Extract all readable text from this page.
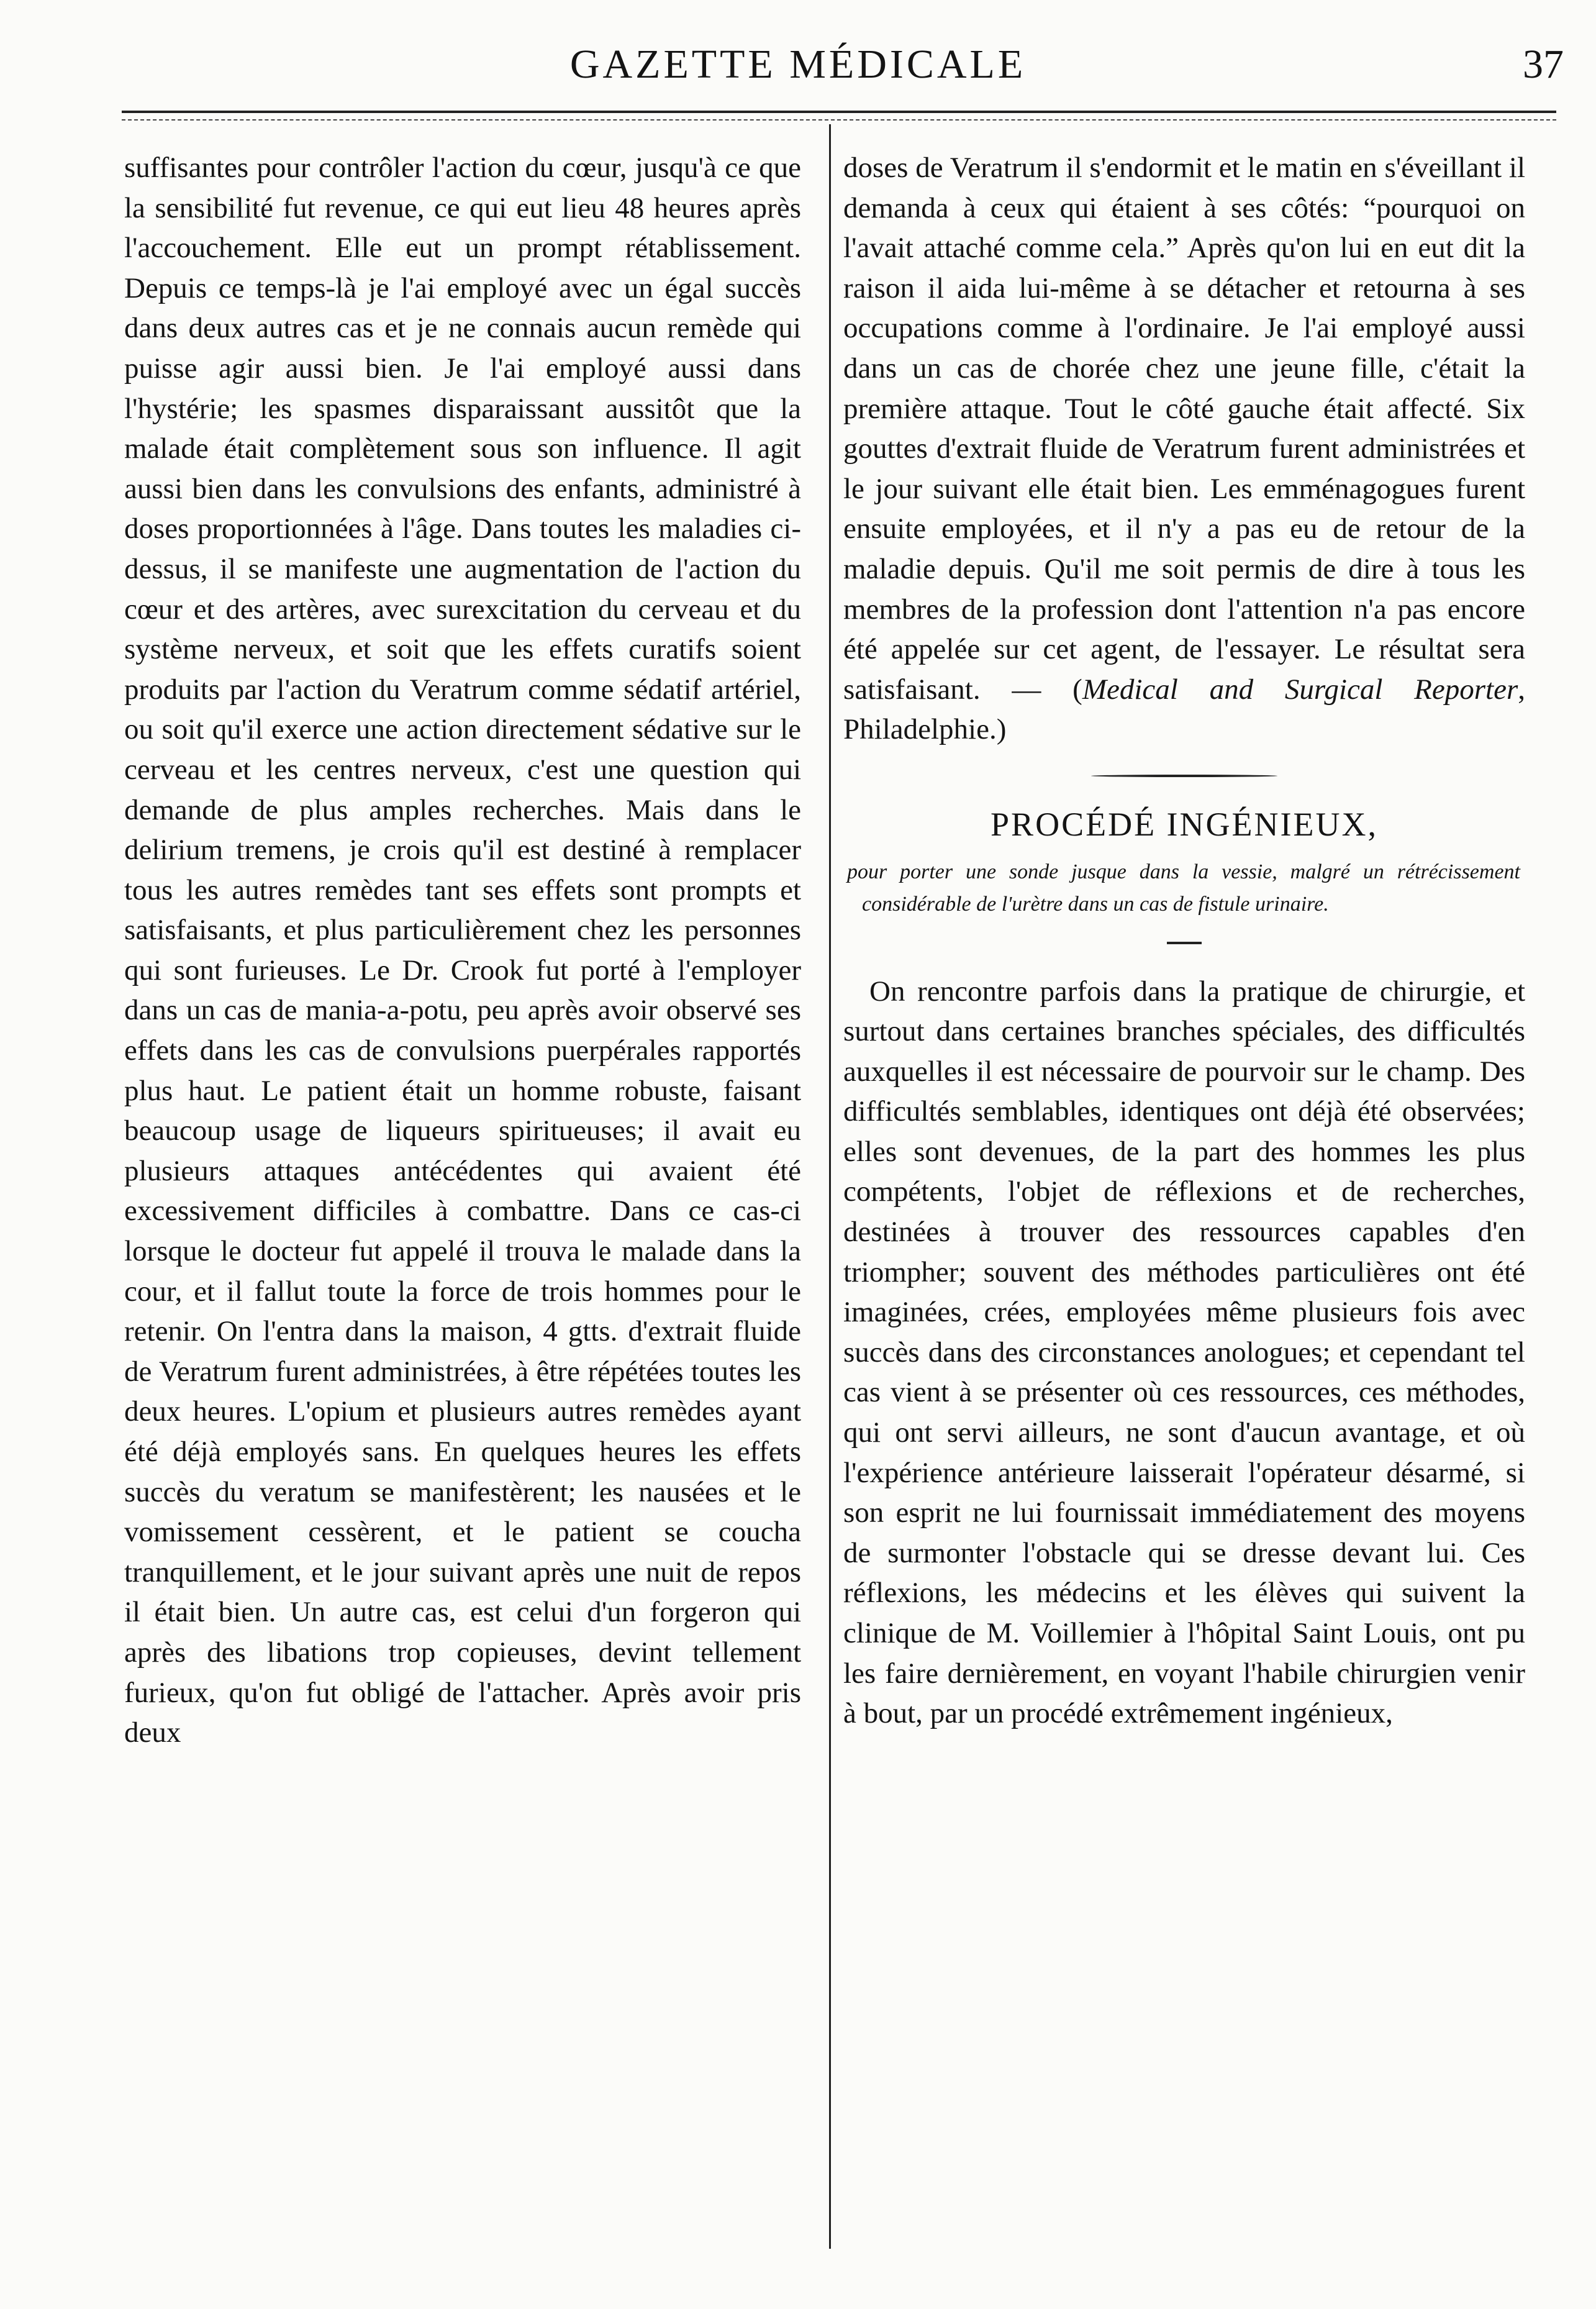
GAZETTE MÉDICALE	37

suffisantes pour contrôler l'action du cœur, jusqu'à ce que la sensibilité fut revenue, ce qui eut lieu 48 heures après l'accouchement. Elle eut un prompt rétablissement. Depuis ce temps-là je l'ai employé avec un égal succès dans deux autres cas et je ne connais aucun remède qui puisse agir aussi bien. Je l'ai employé aussi dans l'hystérie; les spasmes disparaissant aussitôt que la malade était complètement sous son influence. Il agit aussi bien dans les convulsions des enfants, administré à doses proportionnées à l'âge. Dans toutes les maladies ci-dessus, il se manifeste une augmentation de l'action du cœur et des artères, avec surexcitation du cerveau et du système nerveux, et soit que les effets curatifs soient produits par l'action du Veratrum comme sédatif artériel, ou soit qu'il exerce une action directement sédative sur le cerveau et les centres nerveux, c'est une question qui demande de plus amples recherches. Mais dans le delirium tremens, je crois qu'il est destiné à remplacer tous les autres remèdes tant ses effets sont prompts et satisfaisants, et plus particulièrement chez les personnes qui sont furieuses. Le Dr. Crook fut porté à l'employer dans un cas de mania-a-potu, peu après avoir observé ses effets dans les cas de convulsions puerpérales rapportés plus haut. Le patient était un homme robuste, faisant beaucoup usage de liqueurs spiritueuses; il avait eu plusieurs attaques antécédentes qui avaient été excessivement difficiles à combattre. Dans ce cas-ci lorsque le docteur fut appelé il trouva le malade dans la cour, et il fallut toute la force de trois hommes pour le retenir. On l'entra dans la maison, 4 gtts. d'extrait fluide de Veratrum furent administrées, à être répétées toutes les deux heures. L'opium et plusieurs autres remèdes ayant été déjà employés sans. En quelques heures les effets succès du veratum se manifestèrent; les nausées et le vomissement cessèrent, et le patient se coucha tranquillement, et le jour suivant après une nuit de repos il était bien. Un autre cas, est celui d'un forgeron qui après des libations trop copieuses, devint tellement furieux, qu'on fut obligé de l'attacher. Après avoir pris deux

doses de Veratrum il s'endormit et le matin en s'éveillant il demanda à ceux qui étaient à ses côtés: “pourquoi on l'avait attaché comme cela.” Après qu'on lui en eut dit la raison il aida lui-même à se détacher et retourna à ses occupations comme à l'ordinaire. Je l'ai employé aussi dans un cas de chorée chez une jeune fille, c'était la première attaque. Tout le côté gauche était affecté. Six gouttes d'extrait fluide de Veratrum furent administrées et le jour suivant elle était bien. Les emménagogues furent ensuite employées, et il n'y a pas eu de retour de la maladie depuis. Qu'il me soit permis de dire à tous les membres de la profession dont l'attention n'a pas encore été appelée sur cet agent, de l'essayer. Le résultat sera satisfaisant. — (Medical and Surgical Reporter, Philadelphie.)

PROCÉDÉ INGÉNIEUX,
pour porter une sonde jusque dans la vessie, malgré un rétrécissement considérable de l'urètre dans un cas de fistule urinaire.

On rencontre parfois dans la pratique de chirurgie, et surtout dans certaines branches spéciales, des difficultés auxquelles il est nécessaire de pourvoir sur le champ. Des difficultés semblables, identiques ont déjà été observées; elles sont devenues, de la part des hommes les plus compétents, l'objet de réflexions et de recherches, destinées à trouver des ressources capables d'en triompher; souvent des méthodes particulières ont été imaginées, crées, employées même plusieurs fois avec succès dans des circonstances anologues; et cependant tel cas vient à se présenter où ces ressources, ces méthodes, qui ont servi ailleurs, ne sont d'aucun avantage, et où l'expérience antérieure laisserait l'opérateur désarmé, si son esprit ne lui fournissait immédiatement des moyens de surmonter l'obstacle qui se dresse devant lui. Ces réflexions, les médecins et les élèves qui suivent la clinique de M. Voillemier à l'hôpital Saint Louis, ont pu les faire dernièrement, en voyant l'habile chirurgien venir à bout, par un procédé extrêmement ingénieux,
